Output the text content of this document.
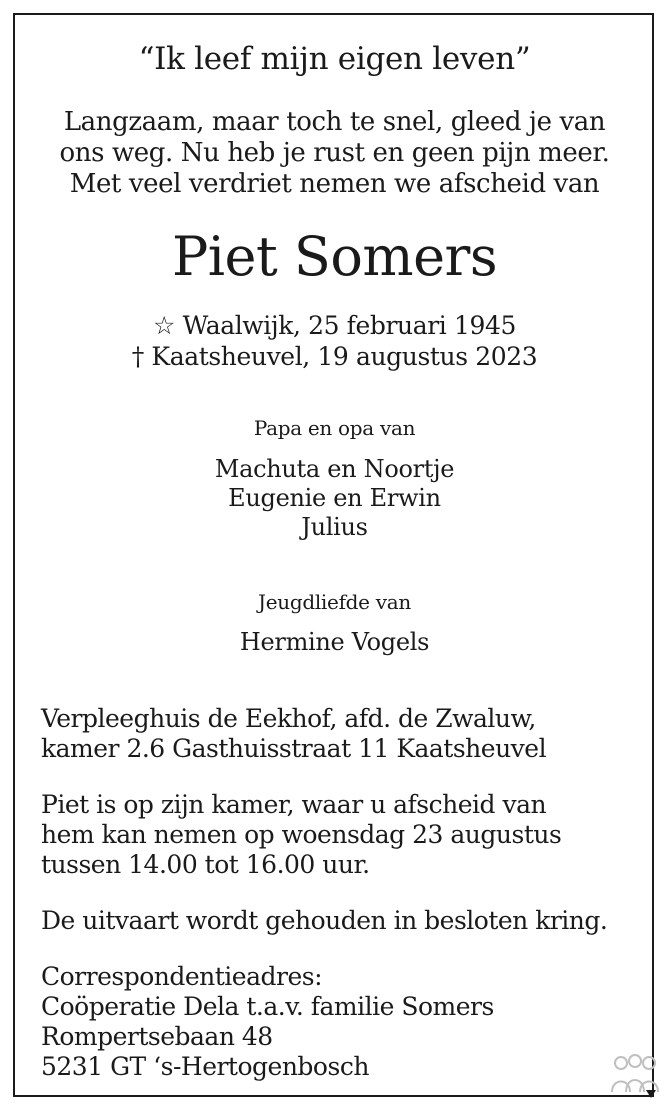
“Ik leef mijn eigen leven”
Langzaam, maar toch te snel, gleed je van
ons weg. Nu heb je rust en geen pijn meer.
Met veel verdriet nemen we afscheid van
Piet Somers
☆ Waalwijk, 25 februari 1945
† Kaatsheuvel, 19 augustus 2023
Papa en opa van
Machuta en Noortje
Eugenie en Erwin
Julius
Jeugdliefde van
Hermine Vogels
Verpleeghuis de Eekhof, afd. de Zwaluw,
kamer 2.6 Gasthuisstraat 11 Kaatsheuvel
Piet is op zijn kamer, waar u afscheid van
hem kan nemen op woensdag 23 augustus
tussen 14.00 tot 16.00 uur.
De uitvaart wordt gehouden in besloten kring.
Correspondentieadres:
Coöperatie Dela t.a.v. familie Somers
Rompertsebaan 48
5231 GT ‘s-Hertogenbosch
